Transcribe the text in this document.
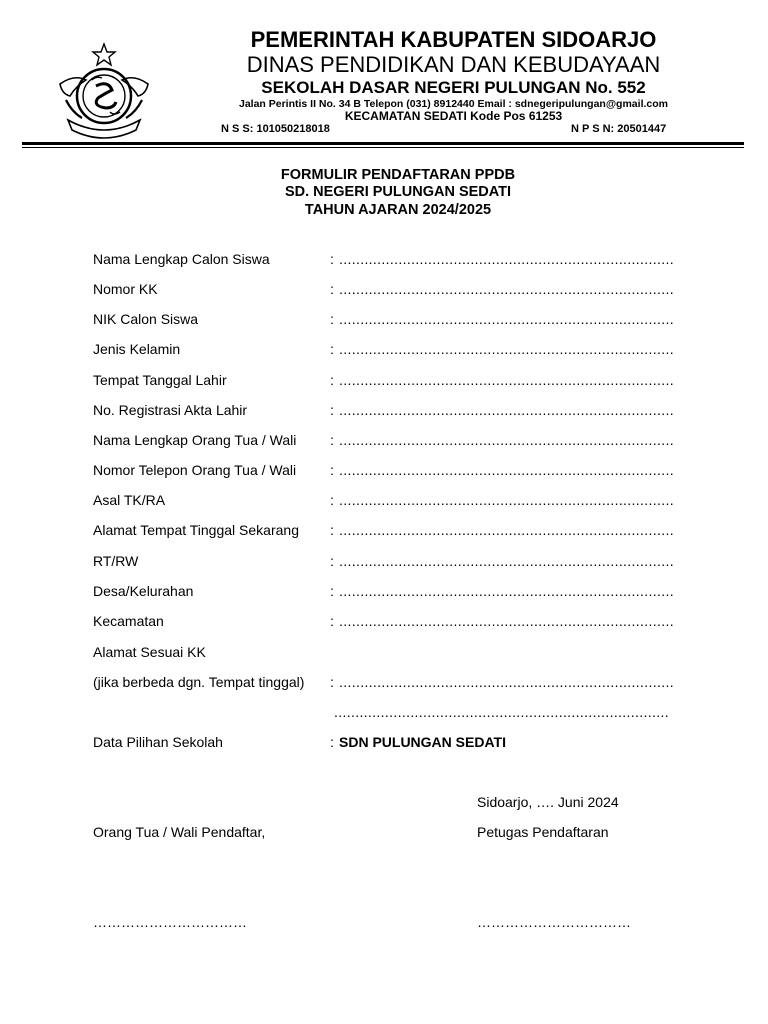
PEMERINTAH KABUPATEN SIDOARJO
DINAS PENDIDIKAN DAN KEBUDAYAAN
SEKOLAH DASAR NEGERI PULUNGAN No. 552
Jalan Perintis II No. 34 B Telepon (031) 8912440 Email : sdnegeripulungan@gmail.com
KECAMATAN SEDATI Kode Pos 61253
N S S: 101050218018	N P S N: 20501447
FORMULIR PENDAFTARAN PPDB
SD. NEGERI PULUNGAN SEDATI
TAHUN AJARAN 2024/2025
Nama Lengkap Calon Siswa	: ...............................................................................
Nomor KK	: ...............................................................................
NIK Calon Siswa	: ...............................................................................
Jenis Kelamin	: ...............................................................................
Tempat Tanggal Lahir	: ...............................................................................
No. Registrasi Akta Lahir	: ...............................................................................
Nama Lengkap Orang Tua / Wali : ...............................................................................
Nomor Telepon Orang Tua / Wali : ...............................................................................
Asal TK/RA	: ...............................................................................
Alamat Tempat Tinggal Sekarang : ...............................................................................
RT/RW	: ...............................................................................
Desa/Kelurahan	: ...............................................................................
Kecamatan	: ...............................................................................
Alamat Sesuai KK
(jika berbeda dgn. Tempat tinggal) : ...............................................................................
...............................................................................
Data Pilihan Sekolah	: SDN PULUNGAN SEDATI
Sidoarjo, …. Juni 2024
Orang Tua / Wali Pendaftar,	Petugas Pendaftaran
……………………………	……………………………
